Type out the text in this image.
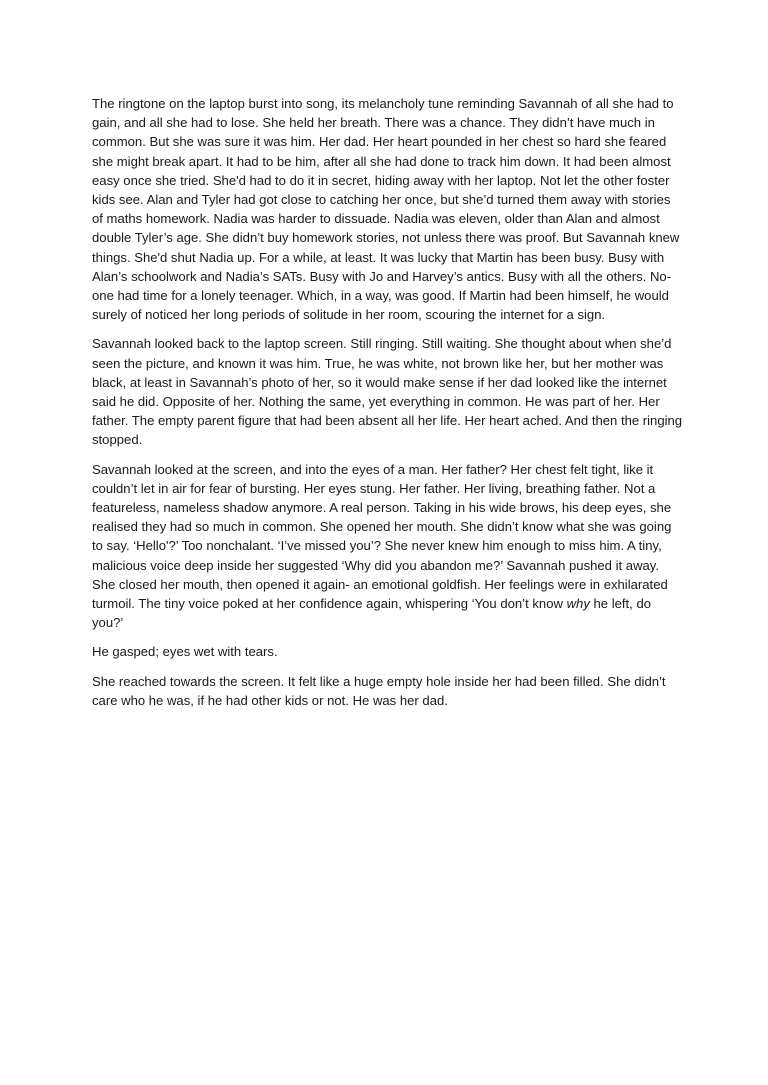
The ringtone on the laptop burst into song, its melancholy tune reminding Savannah of all she had to gain, and all she had to lose. She held her breath. There was a chance. They didn’t have much in common. But she was sure it was him. Her dad. Her heart pounded in her chest so hard she feared she might break apart. It had to be him, after all she had done to track him down. It had been almost easy once she tried. She'd had to do it in secret, hiding away with her laptop. Not let the other foster kids see. Alan and Tyler had got close to catching her once, but she’d turned them away with stories of maths homework. Nadia was harder to dissuade. Nadia was eleven, older than Alan and almost double Tyler’s age. She didn’t buy homework stories, not unless there was proof. But Savannah knew things. She'd shut Nadia up. For a while, at least. It was lucky that Martin has been busy. Busy with Alan’s schoolwork and Nadia’s SATs. Busy with Jo and Harvey’s antics. Busy with all the others. No-one had time for a lonely teenager. Which, in a way, was good. If Martin had been himself, he would surely of noticed her long periods of solitude in her room, scouring the internet for a sign.

Savannah looked back to the laptop screen. Still ringing. Still waiting. She thought about when she’d seen the picture, and known it was him. True, he was white, not brown like her, but her mother was black, at least in Savannah’s photo of her, so it would make sense if her dad looked like the internet said he did. Opposite of her. Nothing the same, yet everything in common. He was part of her. Her father. The empty parent figure that had been absent all her life. Her heart ached. And then the ringing stopped.

Savannah looked at the screen, and into the eyes of a man. Her father? Her chest felt tight, like it couldn’t let in air for fear of bursting. Her eyes stung. Her father. Her living, breathing father. Not a featureless, nameless shadow anymore. A real person. Taking in his wide brows, his deep eyes, she realised they had so much in common. She opened her mouth. She didn’t know what she was going to say. ‘Hello'?’ Too nonchalant. ‘I’ve missed you’? She never knew him enough to miss him. A tiny, malicious voice deep inside her suggested ‘Why did you abandon me?’ Savannah pushed it away. She closed her mouth, then opened it again- an emotional goldfish. Her feelings were in exhilarated turmoil. The tiny voice poked at her confidence again, whispering ‘You don’t know why he left, do you?’

He gasped; eyes wet with tears.

She reached towards the screen. It felt like a huge empty hole inside her had been filled. She didn’t care who he was, if he had other kids or not. He was her dad.
